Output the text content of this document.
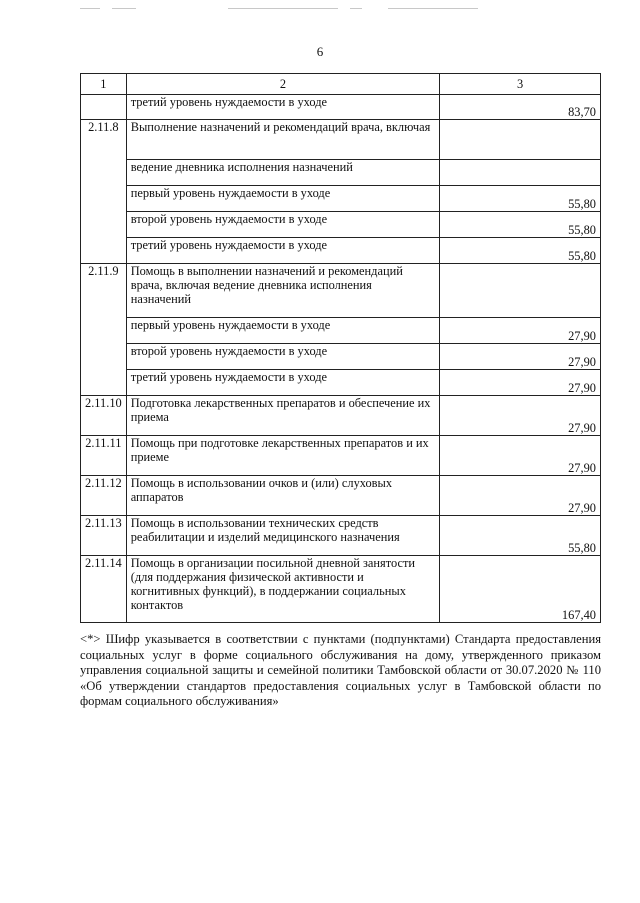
6
1	2	3
	третий уровень нуждаемости в уходе	83,70
2.11.8	Выполнение назначений и рекомендаций врача, включая	
	ведение дневника исполнения назначений	
	первый уровень нуждаемости в уходе	55,80
	второй уровень нуждаемости в уходе	55,80
	третий уровень нуждаемости в уходе	55,80
2.11.9	Помощь в выполнении назначений и рекомендаций врача, включая ведение дневника исполнения назначений	
	первый уровень нуждаемости в уходе	27,90
	второй уровень нуждаемости в уходе	27,90
	третий уровень нуждаемости в уходе	27,90
2.11.10	Подготовка лекарственных препаратов и обеспечение их приема	27,90
2.11.11	Помощь при подготовке лекарственных препаратов и их приеме	27,90
2.11.12	Помощь в использовании очков и (или) слуховых аппаратов	27,90
2.11.13	Помощь в использовании технических средств реабилитации и изделий медицинского назначения	55,80
2.11.14	Помощь в организации посильной дневной занятости (для поддержания физической активности и когнитивных функций), в поддержании социальных контактов	167,40
<*> Шифр указывается в соответствии с пунктами (подпунктами) Стандарта предоставления социальных услуг в форме социального обслуживания на дому, утвержденного приказом управления социальной защиты и семейной политики Тамбовской области от 30.07.2020 № 110 «Об утверждении стандартов предоставления социальных услуг в Тамбовской области по формам социального обслуживания»
